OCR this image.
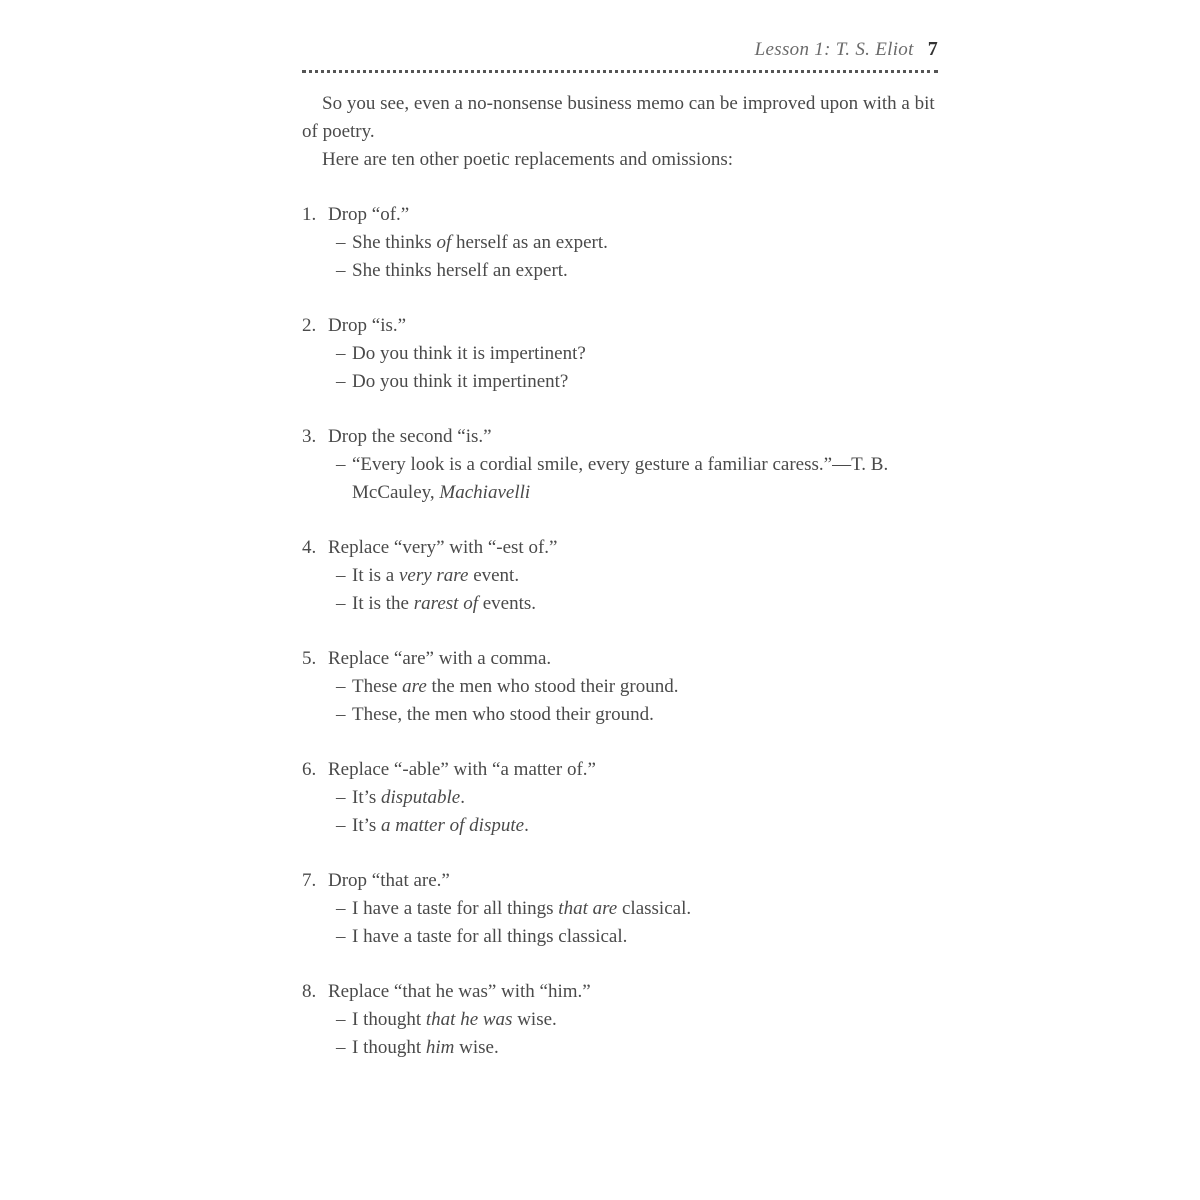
Lesson 1: T. S. Eliot 7

So you see, even a no-nonsense business memo can be improved upon with a bit of poetry.

Here are ten other poetic replacements and omissions:

1. Drop “of.”

– She thinks of herself as an expert.

– She thinks herself an expert.

2. Drop “is.”

– Do you think it is impertinent?

– Do you think it impertinent?

3. Drop the second “is.”

– “Every look is a cordial smile, every gesture a familiar caress.”—T. B. McCauley, Machiavelli

4. Replace “very” with “-est of.”

– It is a very rare event.

– It is the rarest of events.

5. Replace “are” with a comma.

– These are the men who stood their ground.

– These, the men who stood their ground.

6. Replace “-able” with “a matter of.”

– It’s disputable.

– It’s a matter of dispute.

7. Drop “that are.”

– I have a taste for all things that are classical.

– I have a taste for all things classical.

8. Replace “that he was” with “him.”

– I thought that he was wise.

– I thought him wise.
